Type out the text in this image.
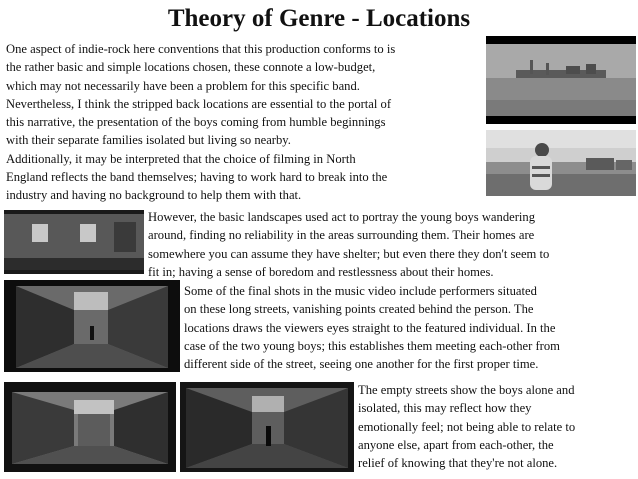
Theory of Genre - Locations
One aspect of indie-rock here conventions that this production conforms to is
the rather basic and simple locations chosen, these connote a low-budget,
which may not necessarily have been a problem for this specific band.
Nevertheless, I think the stripped back locations are essential to the portal of
this narrative, the presentation of the boys coming from humble beginnings
with their separate families isolated but living so nearby.
Additionally, it may be interpreted that the choice of filming in North
England reflects the band themselves; having to work hard to break into the
industry and having no background to help them with that.
However, the basic landscapes used act to portray the young boys wandering
around, finding no reliability in the areas surrounding them. Their homes are
somewhere you can assume they have shelter; but even there they don't seem to
fit in; having a sense of boredom and restlessness about their homes.
Some of the final shots in the music video include performers situated
on these long streets, vanishing points created behind the person. The
locations draws the viewers eyes straight to the featured individual. In the
case of the two young boys; this establishes them meeting each-other from
different side of the street, seeing one another for the first proper time.
The empty streets show the boys alone and
isolated, this may reflect how they
emotionally feel; not being able to relate to
anyone else, apart from each-other, the
relief of knowing that they're not alone.
